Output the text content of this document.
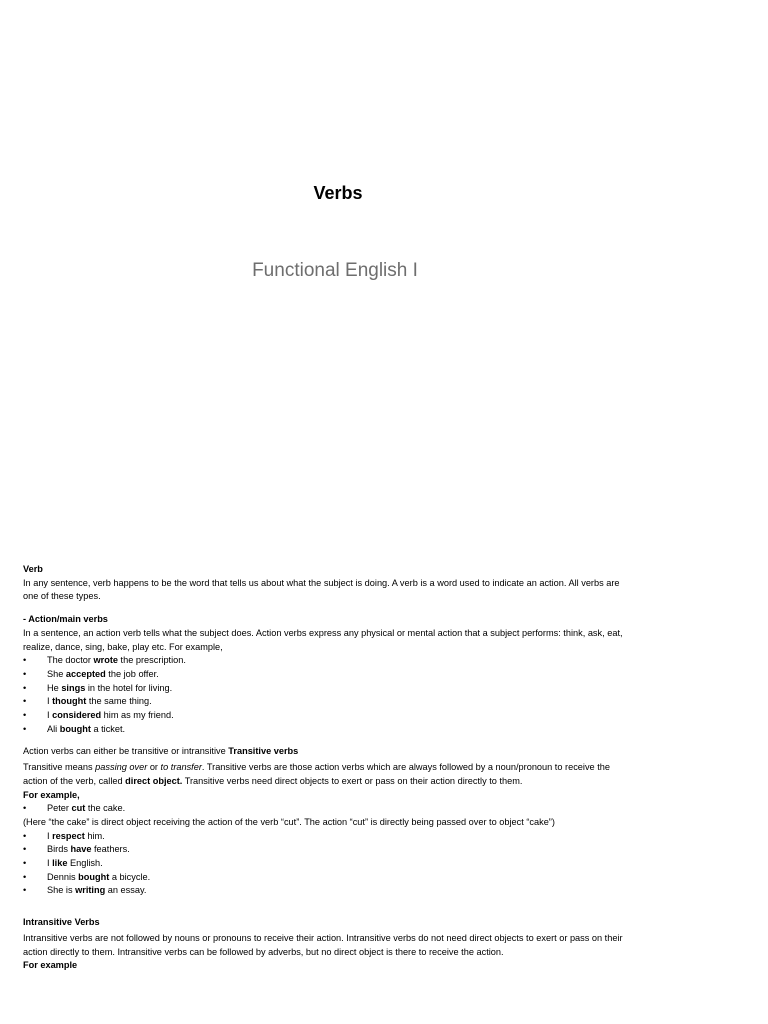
Verbs
Functional English I

Verb

In any sentence, verb happens to be the word that tells us about what the subject is doing. A verb is a word used to indicate an action. All verbs are one of these types.

- Action/main verbs

In a sentence, an action verb tells what the subject does. Action verbs express any physical or mental action that a subject performs: think, ask, eat, realize, dance, sing, bake, play etc. For example,

• The doctor wrote the prescription.
• She accepted the job offer.
• He sings in the hotel for living.
• I thought the same thing.
• I considered him as my friend.
• Ali bought a ticket.

Action verbs can either be transitive or intransitive Transitive verbs

Transitive means passing over or to transfer. Transitive verbs are those action verbs which are always followed by a noun/pronoun to receive the action of the verb, called direct object. Transitive verbs need direct objects to exert or pass on their action directly to them.

For example,

• Peter cut the cake.

(Here “the cake” is direct object receiving the action of the verb “cut”. The action “cut” is directly being passed over to object “cake”)

• I respect him.
• Birds have feathers.
• I like English.
• Dennis bought a bicycle.
• She is writing an essay.

Intransitive Verbs

Intransitive verbs are not followed by nouns or pronouns to receive their action. Intransitive verbs do not need direct objects to exert or pass on their action directly to them. Intransitive verbs can be followed by adverbs, but no direct object is there to receive the action.

For example
